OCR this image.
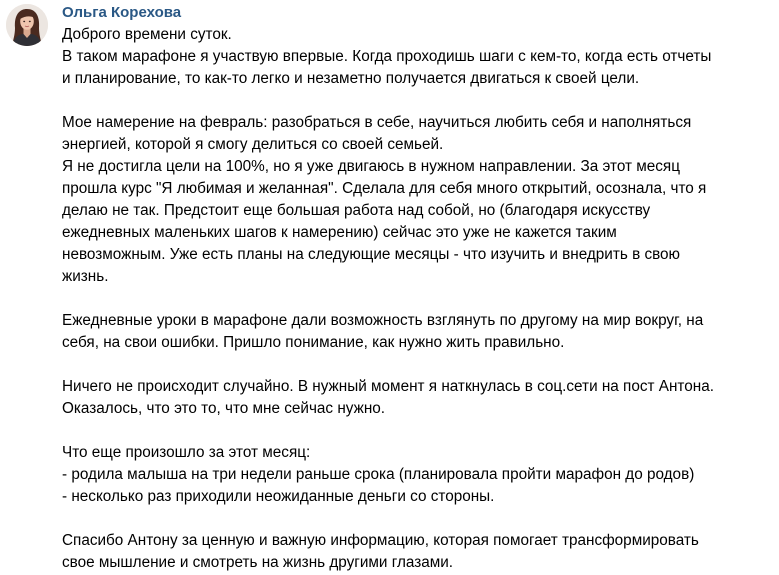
Ольга Корехова
Доброго времени суток.
В таком марафоне я участвую впервые. Когда проходишь шаги с кем-то, когда есть отчеты
и планирование, то как-то легко и незаметно получается двигаться к своей цели.
Мое намерение на февраль: разобраться в себе, научиться любить себя и наполняться
энергией, которой я смогу делиться со своей семьей.
Я не достигла цели на 100%, но я уже двигаюсь в нужном направлении. За этот месяц
прошла курс "Я любимая и желанная". Сделала для себя много открытий, осознала, что я
делаю не так. Предстоит еще большая работа над собой, но (благодаря искусству
ежедневных маленьких шагов к намерению) сейчас это уже не кажется таким
невозможным. Уже есть планы на следующие месяцы - что изучить и внедрить в свою
жизнь.
Ежедневные уроки в марафоне дали возможность взглянуть по другому на мир вокруг, на
себя, на свои ошибки. Пришло понимание, как нужно жить правильно.
Ничего не происходит случайно. В нужный момент я наткнулась в соц.сети на пост Антона.
Оказалось, что это то, что мне сейчас нужно.
Что еще произошло за этот месяц:
- родила малыша на три недели раньше срока (планировала пройти марафон до родов)
- несколько раз приходили неожиданные деньги со стороны.
Спасибо Антону за ценную и важную информацию, которая помогает трансформировать
свое мышление и смотреть на жизнь другими глазами.
